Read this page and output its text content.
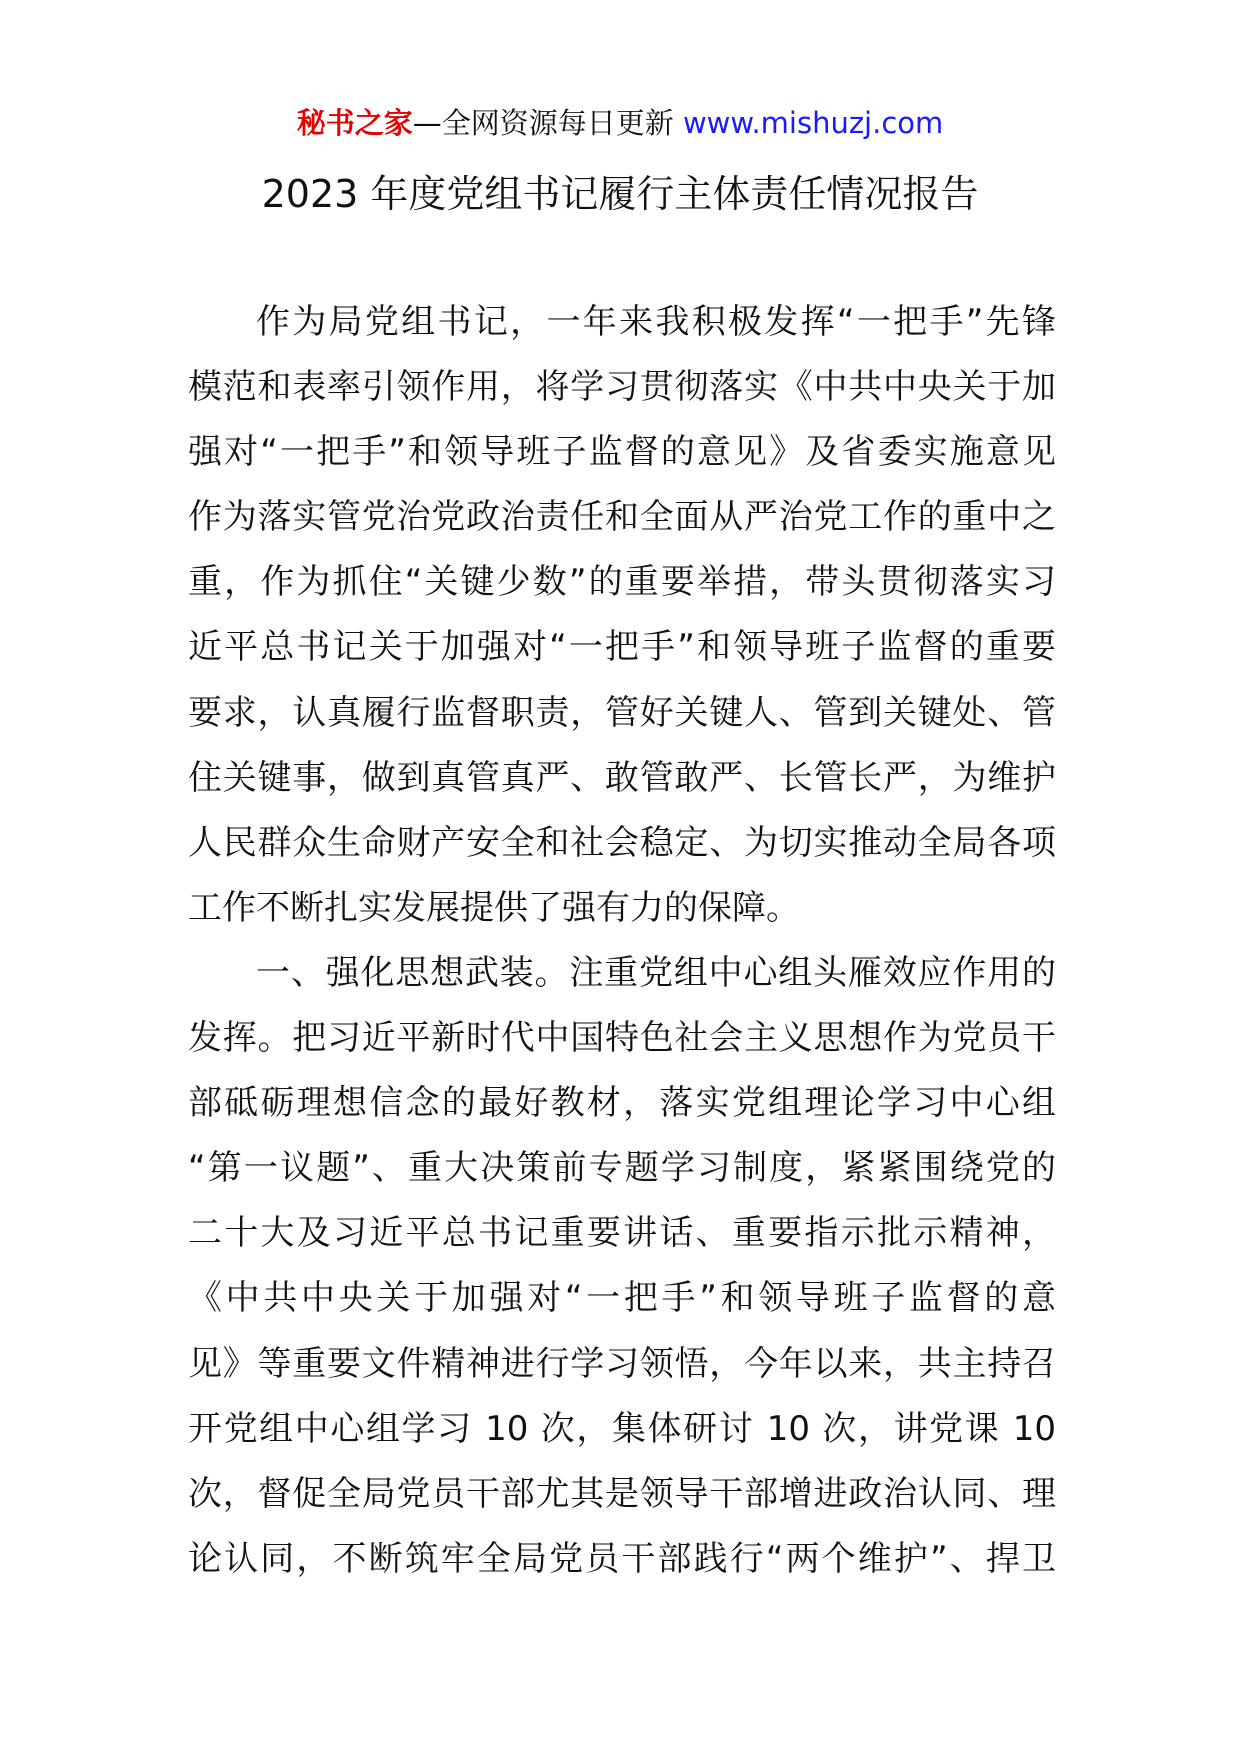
秘书之家—全网资源每日更新 www.mishuzj.com
2023 年度党组书记履行主体责任情况报告
作为局党组书记，一年来我积极发挥“一把手”先锋
模范和表率引领作用，将学习贯彻落实《中共中央关于加
强对“一把手”和领导班子监督的意见》及省委实施意见
作为落实管党治党政治责任和全面从严治党工作的重中之
重，作为抓住“关键少数”的重要举措，带头贯彻落实习
近平总书记关于加强对“一把手”和领导班子监督的重要
要求，认真履行监督职责，管好关键人、管到关键处、管
住关键事，做到真管真严、敢管敢严、长管长严，为维护
人民群众生命财产安全和社会稳定、为切实推动全局各项
工作不断扎实发展提供了强有力的保障。
一、强化思想武装。注重党组中心组头雁效应作用的
发挥。把习近平新时代中国特色社会主义思想作为党员干
部砥砺理想信念的最好教材，落实党组理论学习中心组
“第一议题”、重大决策前专题学习制度，紧紧围绕党的
二十大及习近平总书记重要讲话、重要指示批示精神，
《中共中央关于加强对“一把手”和领导班子监督的意
见》等重要文件精神进行学习领悟，今年以来，共主持召
开党组中心组学习 10 次，集体研讨 10 次，讲党课 10
次，督促全局党员干部尤其是领导干部增进政治认同、理
论认同，不断筑牢全局党员干部践行“两个维护”、捍卫
